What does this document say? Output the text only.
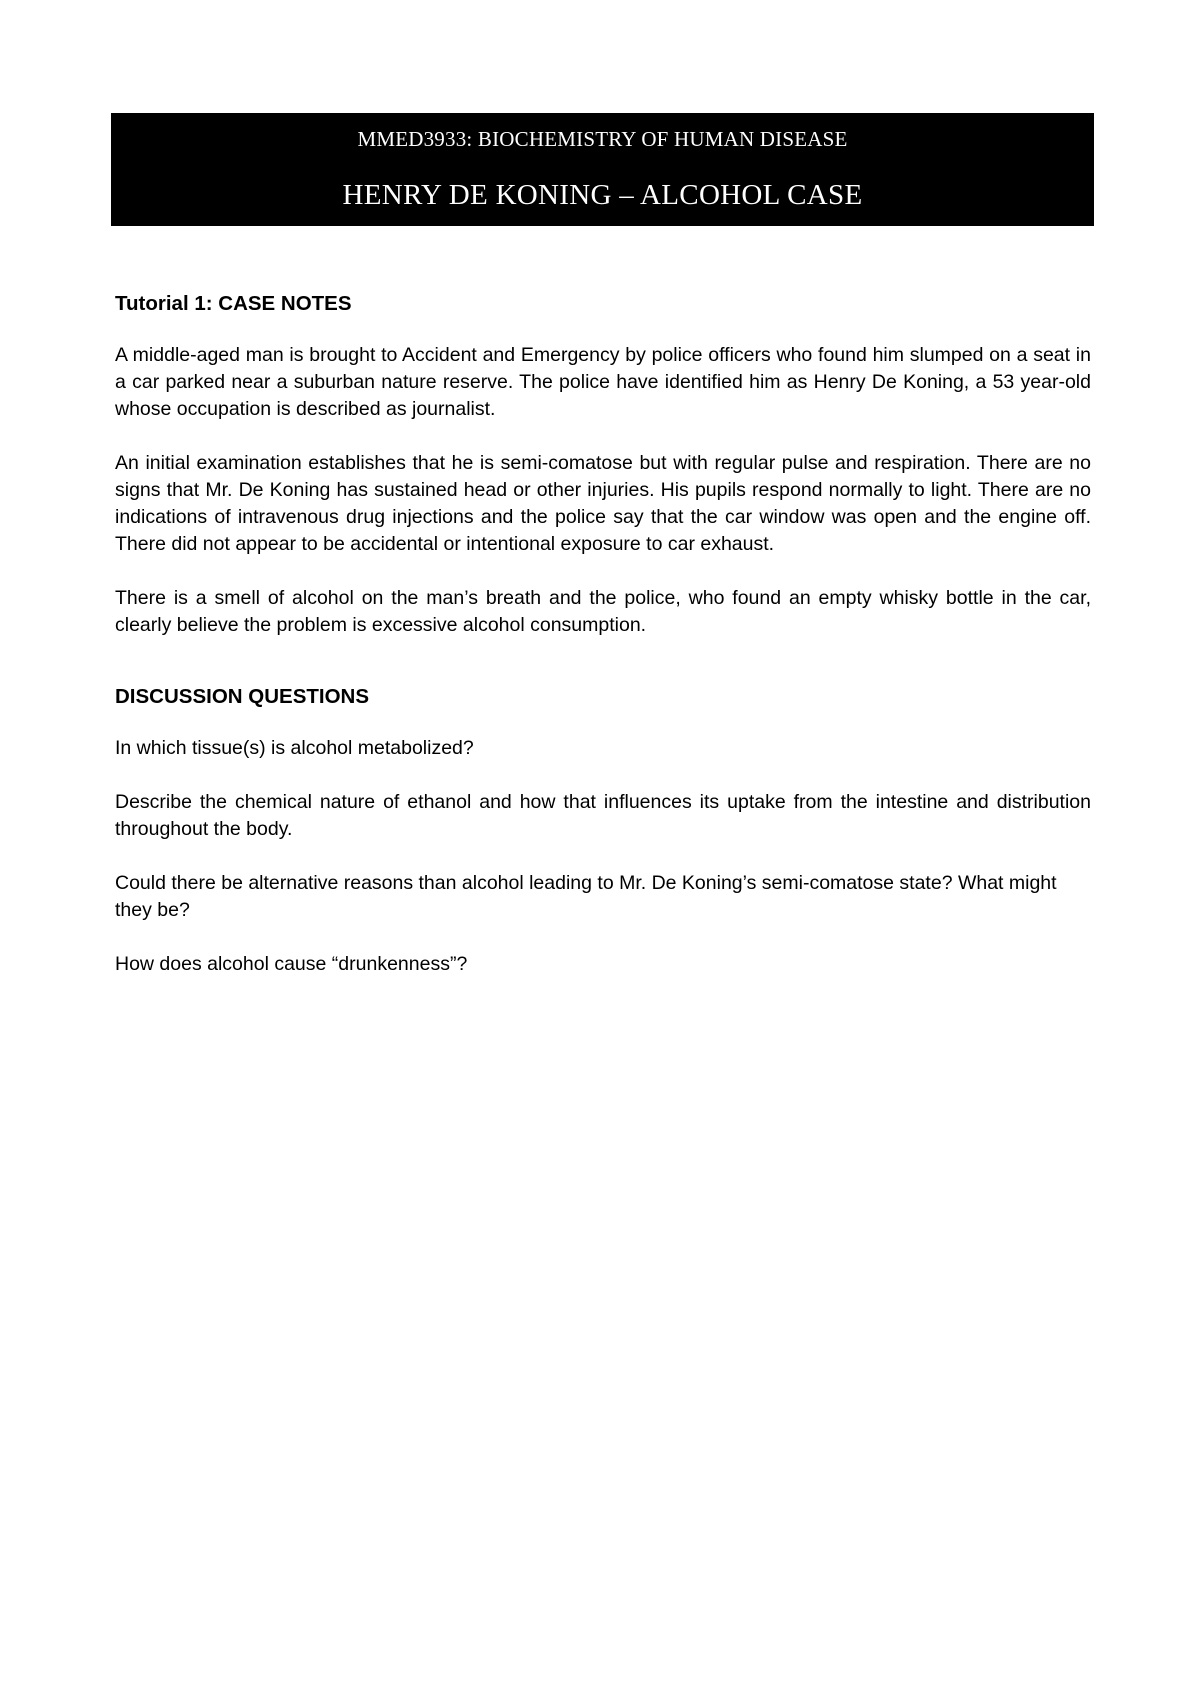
MMED3933: BIOCHEMISTRY OF HUMAN DISEASE
HENRY DE KONING – ALCOHOL CASE
Tutorial 1: CASE NOTES

A middle-aged man is brought to Accident and Emergency by police officers who found him slumped on a seat in a car parked near a suburban nature reserve. The police have identified him as Henry De Koning, a 53 year-old whose occupation is described as journalist.

An initial examination establishes that he is semi-comatose but with regular pulse and respiration. There are no signs that Mr. De Koning has sustained head or other injuries. His pupils respond normally to light. There are no indications of intravenous drug injections and the police say that the car window was open and the engine off. There did not appear to be accidental or intentional exposure to car exhaust.

There is a smell of alcohol on the man’s breath and the police, who found an empty whisky bottle in the car, clearly believe the problem is excessive alcohol consumption.

DISCUSSION QUESTIONS

In which tissue(s) is alcohol metabolized?

Describe the chemical nature of ethanol and how that influences its uptake from the intestine and distribution throughout the body.

Could there be alternative reasons than alcohol leading to Mr. De Koning’s semi-comatose state? What might they be?

How does alcohol cause “drunkenness”?
